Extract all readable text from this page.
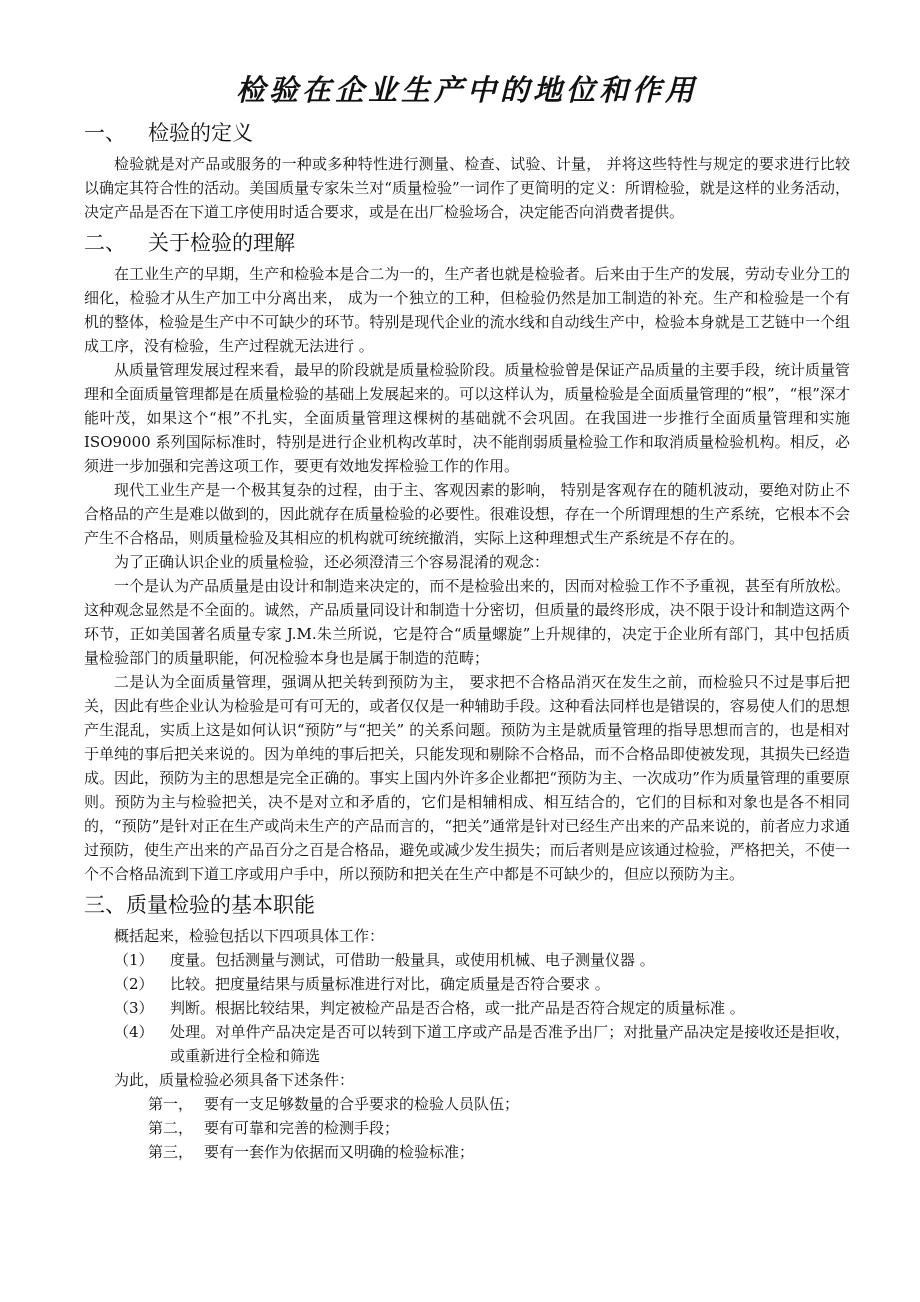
检验在企业生产中的地位和作用
一、	检验的定义

检验就是对产品或服务的一种或多种特性进行测量、检查、试验、计量， 并将这些特性与规定的要求进行比较以确定其符合性的活动。美国质量专家朱兰对“质量检验”一词作了更简明的定义：所谓检验，就是这样的业务活动，决定产品是否在下道工序使用时适合要求，或是在出厂检验场合，决定能否向消费者提供。

二、	关于检验的理解

在工业生产的早期，生产和检验本是合二为一的，生产者也就是检验者。后来由于生产的发展，劳动专业分工的细化，检验才从生产加工中分离出来， 成为一个独立的工种，但检验仍然是加工制造的补充。生产和检验是一个有机的整体，检验是生产中不可缺少的环节。特别是现代企业的流水线和自动线生产中，检验本身就是工艺链中一个组成工序，没有检验，生产过程就无法进行 。

从质量管理发展过程来看，最早的阶段就是质量检验阶段。质量检验曾是保证产品质量的主要手段，统计质量管理和全面质量管理都是在质量检验的基础上发展起来的。可以这样认为，质量检验是全面质量管理的“根”，“根”深才能叶茂，如果这个“根”不扎实，全面质量管理这棵树的基础就不会巩固。在我国进一步推行全面质量管理和实施 ISO9000 系列国际标准时，特别是进行企业机构改革时，决不能削弱质量检验工作和取消质量检验机构。相反，必须进一步加强和完善这项工作，要更有效地发挥检验工作的作用。

现代工业生产是一个极其复杂的过程，由于主、客观因素的影响， 特别是客观存在的随机波动，要绝对防止不合格品的产生是难以做到的，因此就存在质量检验的必要性。很难设想，存在一个所谓理想的生产系统，它根本不会产生不合格品，则质量检验及其相应的机构就可统统撤消，实际上这种理想式生产系统是不存在的。

为了正确认识企业的质量检验，还必须澄清三个容易混淆的观念：

一个是认为产品质量是由设计和制造来决定的，而不是检验出来的，因而对检验工作不予重视，甚至有所放松。这种观念显然是不全面的。诚然，产品质量同设计和制造十分密切，但质量的最终形成，决不限于设计和制造这两个环节，正如美国著名质量专家 J.M.朱兰所说，它是符合“质量螺旋”上升规律的，决定于企业所有部门，其中包括质量检验部门的质量职能，何况检验本身也是属于制造的范畴；

二是认为全面质量管理，强调从把关转到预防为主， 要求把不合格品消灭在发生之前，而检验只不过是事后把关，因此有些企业认为检验是可有可无的，或者仅仅是一种辅助手段。这种看法同样也是错误的，容易使人们的思想产生混乱，实质上这是如何认识“预防”与“把关” 的关系问题。预防为主是就质量管理的指导思想而言的，也是相对于单纯的事后把关来说的。因为单纯的事后把关，只能发现和剔除不合格品，而不合格品即使被发现，其损失已经造成。因此，预防为主的思想是完全正确的。事实上国内外许多企业都把“预防为主、一次成功”作为质量管理的重要原则。预防为主与检验把关，决不是对立和矛盾的，它们是相辅相成、相互结合的，它们的目标和对象也是各不相同的，“预防”是针对正在生产或尚未生产的产品而言的，“把关”通常是针对已经生产出来的产品来说的，前者应力求通过预防，使生产出来的产品百分之百是合格品，避免或减少发生损失；而后者则是应该通过检验，严格把关，不使一个不合格品流到下道工序或用户手中，所以预防和把关在生产中都是不可缺少的，但应以预防为主。

三、 质量检验的基本职能

概括起来，检验包括以下四项具体工作：

（1）	度量。包括测量与测试，可借助一般量具，或使用机械、电子测量仪器 。
（2）	比较。把度量结果与质量标准进行对比，确定质量是否符合要求 。
（3）	判断。根据比较结果，判定被检产品是否合格，或一批产品是否符合规定的质量标准 。
（4）	处理。对单件产品决定是否可以转到下道工序或产品是否准予出厂；对批量产品决定是接收还是拒收，或重新进行全检和筛选

为此，质量检验必须具备下述条件：

第一， 要有一支足够数量的合乎要求的检验人员队伍；
第二， 要有可靠和完善的检测手段；
第三， 要有一套作为依据而又明确的检验标准；
